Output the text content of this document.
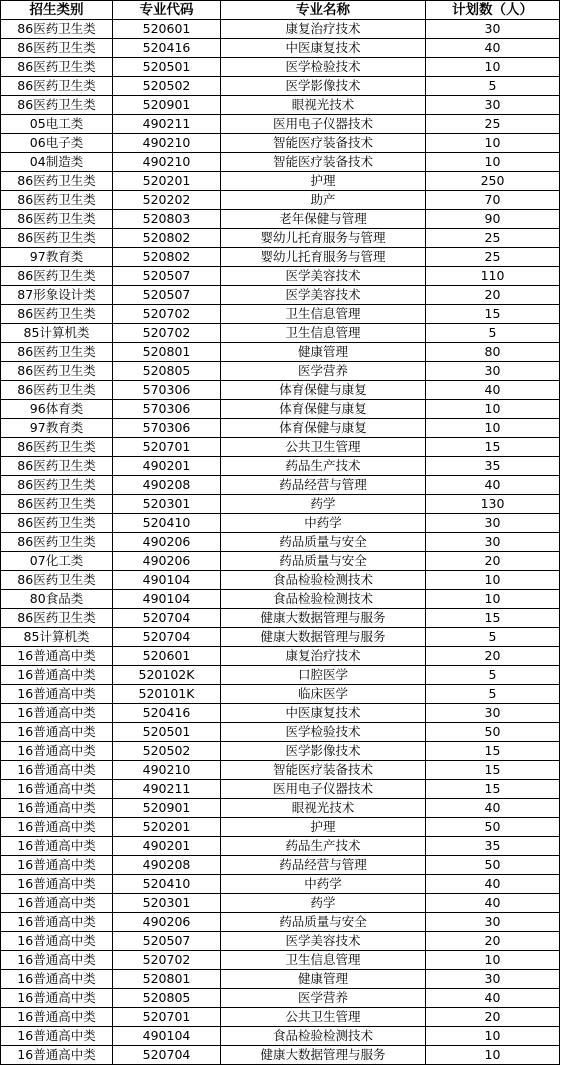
招生类别	专业代码	专业名称	计划数（人）
86医药卫生类	520601	康复治疗技术	30
86医药卫生类	520416	中医康复技术	40
86医药卫生类	520501	医学检验技术	10
86医药卫生类	520502	医学影像技术	5
86医药卫生类	520901	眼视光技术	30
05电工类	490211	医用电子仪器技术	25
06电子类	490210	智能医疗装备技术	10
04制造类	490210	智能医疗装备技术	10
86医药卫生类	520201	护理	250
86医药卫生类	520202	助产	70
86医药卫生类	520803	老年保健与管理	90
86医药卫生类	520802	婴幼儿托育服务与管理	25
97教育类	520802	婴幼儿托育服务与管理	25
86医药卫生类	520507	医学美容技术	110
87形象设计类	520507	医学美容技术	20
86医药卫生类	520702	卫生信息管理	15
85计算机类	520702	卫生信息管理	5
86医药卫生类	520801	健康管理	80
86医药卫生类	520805	医学营养	30
86医药卫生类	570306	体育保健与康复	40
96体育类	570306	体育保健与康复	10
97教育类	570306	体育保健与康复	10
86医药卫生类	520701	公共卫生管理	15
86医药卫生类	490201	药品生产技术	35
86医药卫生类	490208	药品经营与管理	40
86医药卫生类	520301	药学	130
86医药卫生类	520410	中药学	30
86医药卫生类	490206	药品质量与安全	30
07化工类	490206	药品质量与安全	20
86医药卫生类	490104	食品检验检测技术	10
80食品类	490104	食品检验检测技术	10
86医药卫生类	520704	健康大数据管理与服务	15
85计算机类	520704	健康大数据管理与服务	5
16普通高中类	520601	康复治疗技术	20
16普通高中类	520102K	口腔医学	5
16普通高中类	520101K	临床医学	5
16普通高中类	520416	中医康复技术	30
16普通高中类	520501	医学检验技术	50
16普通高中类	520502	医学影像技术	15
16普通高中类	490210	智能医疗装备技术	15
16普通高中类	490211	医用电子仪器技术	15
16普通高中类	520901	眼视光技术	40
16普通高中类	520201	护理	50
16普通高中类	490201	药品生产技术	35
16普通高中类	490208	药品经营与管理	50
16普通高中类	520410	中药学	40
16普通高中类	520301	药学	40
16普通高中类	490206	药品质量与安全	30
16普通高中类	520507	医学美容技术	20
16普通高中类	520702	卫生信息管理	10
16普通高中类	520801	健康管理	30
16普通高中类	520805	医学营养	40
16普通高中类	520701	公共卫生管理	20
16普通高中类	490104	食品检验检测技术	10
16普通高中类	520704	健康大数据管理与服务	10
